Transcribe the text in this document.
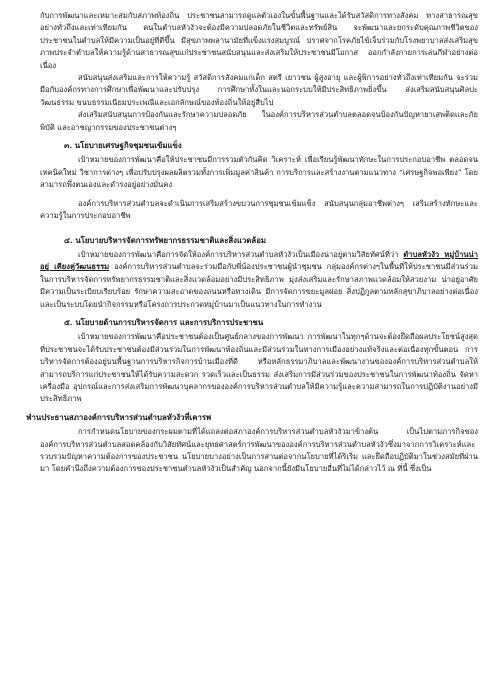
กับการพัฒนาและเหมาะสมกับสภาพท้องถิ่น ประชาชนสามารถดูแลตัวเองในขั้นพื้นฐานและได้รับสวัสดิการทางสังคม ทางสาธารณสุขอย่างทั่วถึงและเท่าเทียมกัน คนในตำบลหัวงัวจะต้องมีความปลอดภัยในชีวิตและทรัพย์สิน จะพัฒนาและยกระดับคุณภาพชีวิตของประชาชนในตำบลให้มีความเป็นอยู่ที่ดีขึ้น มีสุขภาพพลานามัยที่แข็งแรงสมบูรณ์ ปราศจากโรคภัยไข้เจ็บร่วมกับโรงพยาบาลส่งเสริมสุขภาพประจำตำบลให้ความรู้ด้านสาธารณสุขแก่ประชาชนสนับสนุนและส่งเสริมให้ประชาชนมีโอกาส ออกกำลังกายการเล่นกีฬาอย่างต่อเนื่อง

สนับสนุนส่งเสริมและการให้ความรู้ สวัสดิการสังคมแก่เด็ก สตรี เยาวชน ผู้สูงอายุ และผู้พิการอย่างทั่วถึงเท่าเทียมกัน จะร่วมมือกับองค์กรทางการศึกษาเพื่อพัฒนาและปรับปรุง การศึกษาทั้งในและนอกระบบให้มีประสิทธิภาพยิ่งขึ้น ส่งเสริมสนับสนุนศิลปะ วัฒนธรรม ขนบธรรมเนียมประเพณีและเอกลักษณ์ของท้องถิ่นให้อยู่สืบไป

ส่งเสริมสนับสนุนการป้องกันและรักษาความปลอดภัย ในองค์การบริหารส่วนตำบลตลอดจนป้องกันปัญหายาเสพติดและภัยพิบัติ และอาชญากรรมของประชาชนต่างๆ

๓. นโยบายเศรษฐกิจชุมชนเข้มแข็ง

เป้าหมายของการพัฒนาคือให้ประชาชนมีการรวมตัวกันคิด วิเคราะห์ เพื่อเรียนรู้พัฒนาทักษะในการประกอบอาชีพ ตลอดจนเทคนิคใหม่ วิชาการต่างๆ เพื่อปรับปรุงผลผลิตรวมทั้งการเพิ่มมูลค่าสินค้า การบริการและสร้างงานตามแนวทาง “เศรษฐกิจพอเพียง” โดยสามารถพึ่งตนเองและดำรงอยู่อย่างมั่นคง

องค์การบริหารส่วนตำบลจะดำเนินการเสริมสร้างขบวนการชุมชนเข้มแข็ง สนับสนุนกลุ่มอาชีพต่างๆ เสริมสร้างทักษะและความรู้ในการประกอบอาชีพ

๔. นโยบายบริหารจัดการทรัพยากรธรรมชาติและสิ่งแวดล้อม

เป้าหมายของการพัฒนาคือการจัดให้องค์การบริหารส่วนตำบลหัวงัวเป็นเมืองน่าอยู่ตามวิสัยทัศน์ที่ว่า ตำบลหัวงัว หมู่บ้านน่าอยู่ เคียงคู่วัฒนธรรม องค์การบริหารส่วนตำบลจะร่วมมือกับพี่น้องประชาชนผู้นำชุมชน กลุ่มองค์กรต่างๆในพื้นที่ให้ประชาชนมีส่วนร่วมในการบริหารจัดการทรัพยากรธรรมชาติและสิ่งแวดล้อมอย่างมีประสิทธิภาพ มุ่งส่งเสริมและรักษาสภาพแวดล้อมให้สวยงาม น่าอยู่อาศัย มีความเป็นระเบียบเรียบร้อย รักษาความสะอาดของถนนหรือทางเดิน มีการจัดการขยะมูลฝอย สิ่งปฏิกูลตามหลักสุขาภิบาลอย่างต่อเนื่องและเป็นระบบโดยนำกิจกรรมหรือโครงการประกวดหมู่บ้านมาเป็นแนวทางในการทำงาน

๕. นโยบายด้านการบริหารจัดการ และการบริการประชาชน

เป้าหมายของการพัฒนาคือประชาชนต้องเป็นศูนย์กลางของการพัฒนา การพัฒนาในทุกๆด้านจะต้องยึดถือผลประโยชน์สูงสุดที่ประชาชนจะได้รับประชาชนต้องมีส่วนร่วมในการพัฒนาท้องถิ่นและมีส่วนร่วมในทางการเมืองอย่างแท้จริงและต่อเนื่องทุกขั้นตอน การบริหารจัดการต้องอยู่บนพื้นฐานการบริหารกิจการบ้านเมืองที่ดี หรือหลักธรรมาภิบาลและพัฒนางานขององค์การบริหารส่วนตำบลให้สามารถบริการแก่ประชาชนให้ได้รับความสะดวก รวดเร็วและเป็นธรรม ส่งเสริมการมีส่วนร่วมของประชาชนในการพัฒนาท้องถิ่น จัดหาเครื่องมือ อุปกรณ์และการส่งเสริมการพัฒนาบุคลากรขององค์การบริหารส่วนตำบลให้มีความรู้และความสามารถในการปฏิบัติงานอย่างมีประสิทธิภาพ

ฟ่านประธานสภาองค์การบริหารส่วนตำบลหัวงัวที่เคารพ

การกำหนดนโยบายของกระผมตามที่ได้แถลงต่อสภาองค์การบริหารส่วนตำบลหัวงัวมาข้างต้น เป็นไปตามภารกิจขององค์การบริหารส่วนตำบลสอดคล้องกับวิสัยทัศน์และยุทธศาสตร์การพัฒนาขององค์การบริหารส่วนตำบลหัวงัวซึ่งมาจากการวิเคราะห์และรวบรวมปัญหาความต้องการของประชาชน นโยบายบางอย่างเป็นการสานต่อจากนโยบายที่ได้ริเริ่ม และยึดถือปฏิบัติมาในช่วงสมัยที่ผ่านมา โดยคำนึงถึงความต้องการของประชาชนตำบลหัวงัวเป็นสำคัญ นอกจากนี้ยังมีนโยบายอื่นที่ไม่ได้กล่าวไว้ ณ ที่นี้ ซึ่งเป็น
